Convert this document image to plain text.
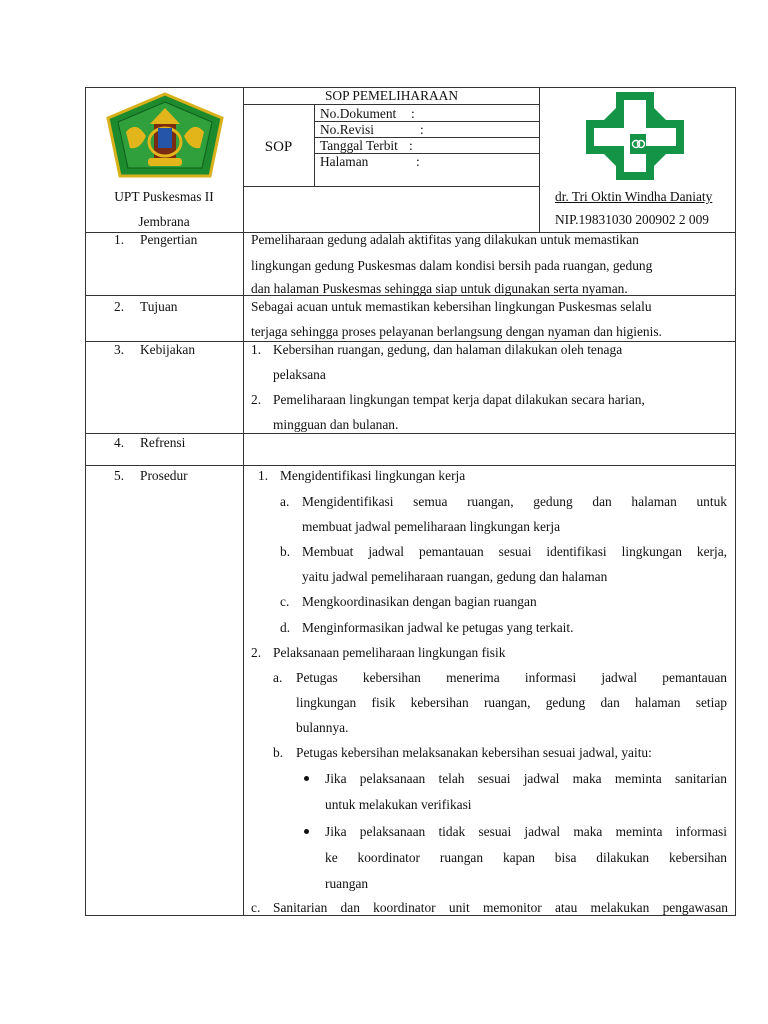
SOP PEMELIHARAAN
SOP
No.Dokument :
No.Revisi	:
Tanggal Terbit :
Halaman	:
UPT Puskesmas II
Jembrana
dr. Tri Oktin Windha Daniaty
NIP.19831030 200902 2 009
1. Pengertian	Pemeliharaan gedung adalah aktifitas yang dilakukan untuk memastikan
lingkungan gedung Puskesmas dalam kondisi bersih pada ruangan, gedung
dan halaman Puskesmas sehingga siap untuk digunakan serta nyaman.
2. Tujuan	Sebagai acuan untuk memastikan kebersihan lingkungan Puskesmas selalu
terjaga sehingga proses pelayanan berlangsung dengan nyaman dan higienis.
3. Kebijakan	1. Kebersihan ruangan, gedung, dan halaman dilakukan oleh tenaga
pelaksana
2. Pemeliharaan lingkungan tempat kerja dapat dilakukan secara harian,
mingguan dan bulanan.
4. Refrensi
5. Prosedur	1. Mengidentifikasi lingkungan kerja
a. Mengidentifikasi semua ruangan, gedung dan halaman untuk
membuat jadwal pemeliharaan lingkungan kerja
b. Membuat jadwal pemantauan sesuai identifikasi lingkungan kerja,
yaitu jadwal pemeliharaan ruangan, gedung dan halaman
c. Mengkoordinasikan dengan bagian ruangan
d. Menginformasikan jadwal ke petugas yang terkait.
2. Pelaksanaan pemeliharaan lingkungan fisik
a. Petugas kebersihan menerima informasi jadwal pemantauan
lingkungan fisik kebersihan ruangan, gedung dan halaman setiap
bulannya.
b. Petugas kebersihan melaksanakan kebersihan sesuai jadwal, yaitu:
Jika pelaksanaan telah sesuai jadwal maka meminta sanitarian
untuk melakukan verifikasi
Jika pelaksanaan tidak sesuai jadwal maka meminta informasi
ke koordinator ruangan kapan bisa dilakukan kebersihan
ruangan
c. Sanitarian dan koordinator unit memonitor atau melakukan pengawasan
